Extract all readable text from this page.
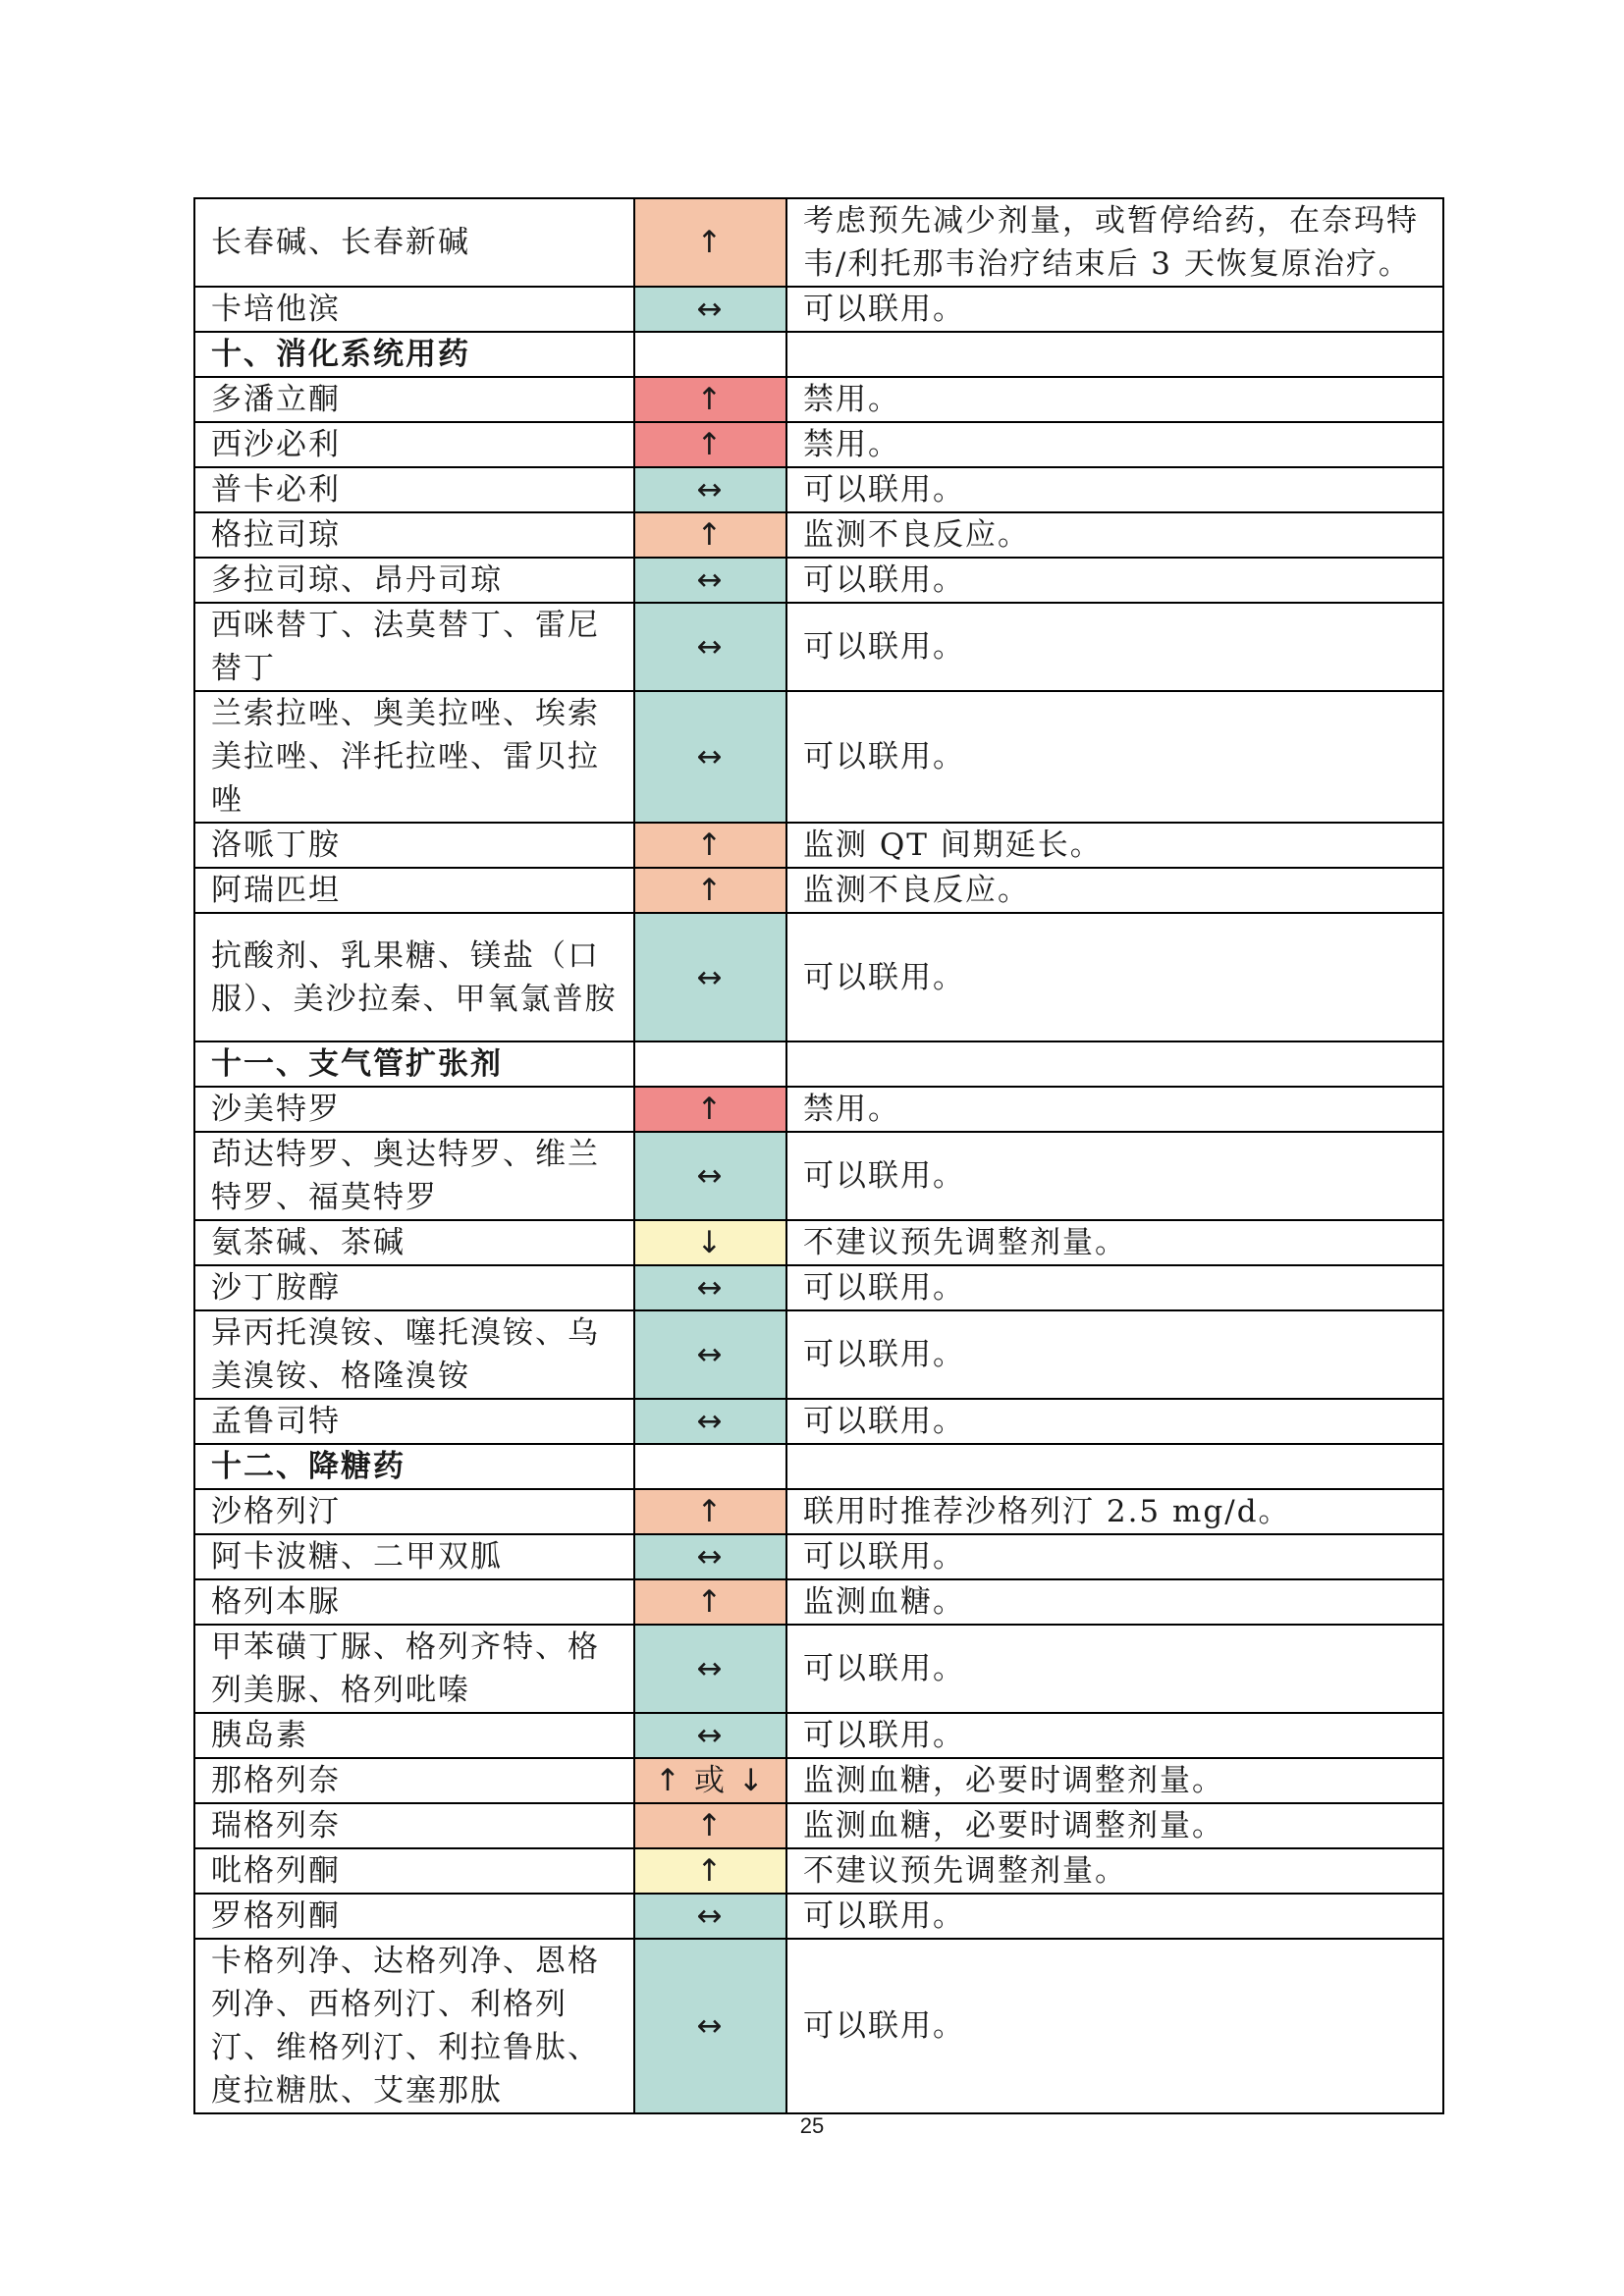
长春碱、长春新碱	↑	考虑预先减少剂量，或暂停给药，在奈玛特韦/利托那韦治疗结束后 3 天恢复原治疗。
卡培他滨	↔	可以联用。
十、消化系统用药		
多潘立酮	↑	禁用。
西沙必利	↑	禁用。
普卡必利	↔	可以联用。
格拉司琼	↑	监测不良反应。
多拉司琼、昂丹司琼	↔	可以联用。
西咪替丁、法莫替丁、雷尼替丁	↔	可以联用。
兰索拉唑、奥美拉唑、埃索美拉唑、泮托拉唑、雷贝拉唑	↔	可以联用。
洛哌丁胺	↑	监测 QT 间期延长。
阿瑞匹坦	↑	监测不良反应。
抗酸剂、乳果糖、镁盐（口服）、美沙拉秦、甲氧氯普胺	↔	可以联用。
十一、支气管扩张剂		
沙美特罗	↑	禁用。
茚达特罗、奥达特罗、维兰特罗、福莫特罗	↔	可以联用。
氨茶碱、茶碱	↓	不建议预先调整剂量。
沙丁胺醇	↔	可以联用。
异丙托溴铵、噻托溴铵、乌美溴铵、格隆溴铵	↔	可以联用。
孟鲁司特	↔	可以联用。
十二、降糖药		
沙格列汀	↑	联用时推荐沙格列汀 2.5 mg/d。
阿卡波糖、二甲双胍	↔	可以联用。
格列本脲	↑	监测血糖。
甲苯磺丁脲、格列齐特、格列美脲、格列吡嗪	↔	可以联用。
胰岛素	↔	可以联用。
那格列奈	↑ 或 ↓	监测血糖，必要时调整剂量。
瑞格列奈	↑	监测血糖，必要时调整剂量。
吡格列酮	↑	不建议预先调整剂量。
罗格列酮	↔	可以联用。
卡格列净、达格列净、恩格列净、西格列汀、利格列汀、维格列汀、利拉鲁肽、度拉糖肽、艾塞那肽	↔	可以联用。
25
